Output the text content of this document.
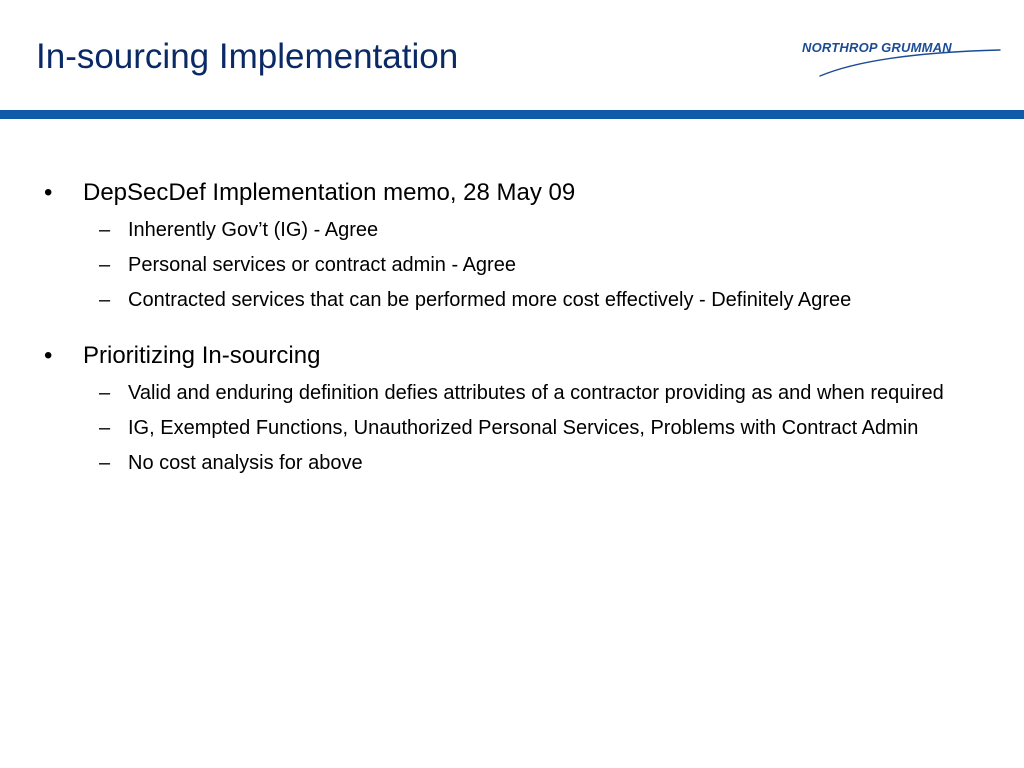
In-sourcing Implementation	NORTHROP GRUMMAN
•	DepSecDef Implementation memo, 28 May 09
– Inherently Gov’t (IG) - Agree
– Personal services or contract admin - Agree
– Contracted services that can be performed more cost effectively - Definitely Agree
•	Prioritizing In-sourcing
– Valid and enduring definition defies attributes of a contractor providing as and when required
– IG, Exempted Functions, Unauthorized Personal Services, Problems with Contract Admin
– No cost analysis for above
